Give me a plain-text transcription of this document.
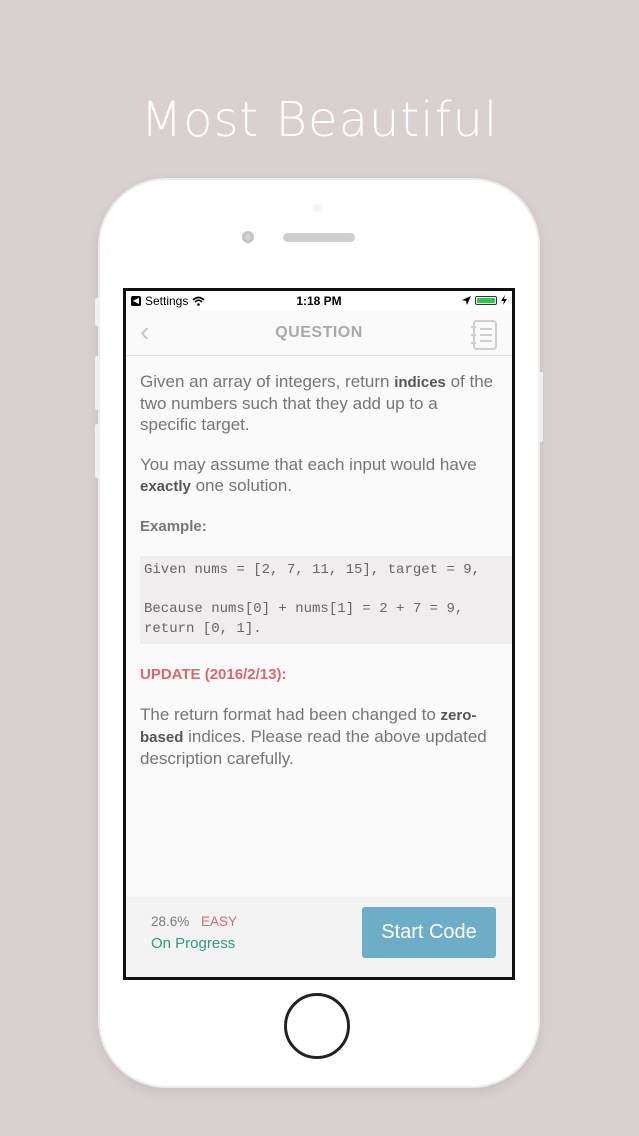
Most Beautiful
◀ Settings	1:18 PM
‹	QUESTION

Given an array of integers, return indices of the two numbers such that they add up to a specific target.

You may assume that each input would have exactly one solution.

Example:

Given nums = [2, 7, 11, 15], target = 9,

Because nums[0] + nums[1] = 2 + 7 = 9,
return [0, 1].

UPDATE (2016/2/13):

The return format had been changed to zero-based indices. Please read the above updated description carefully.

28.6% EASY
On Progress
Start Code
